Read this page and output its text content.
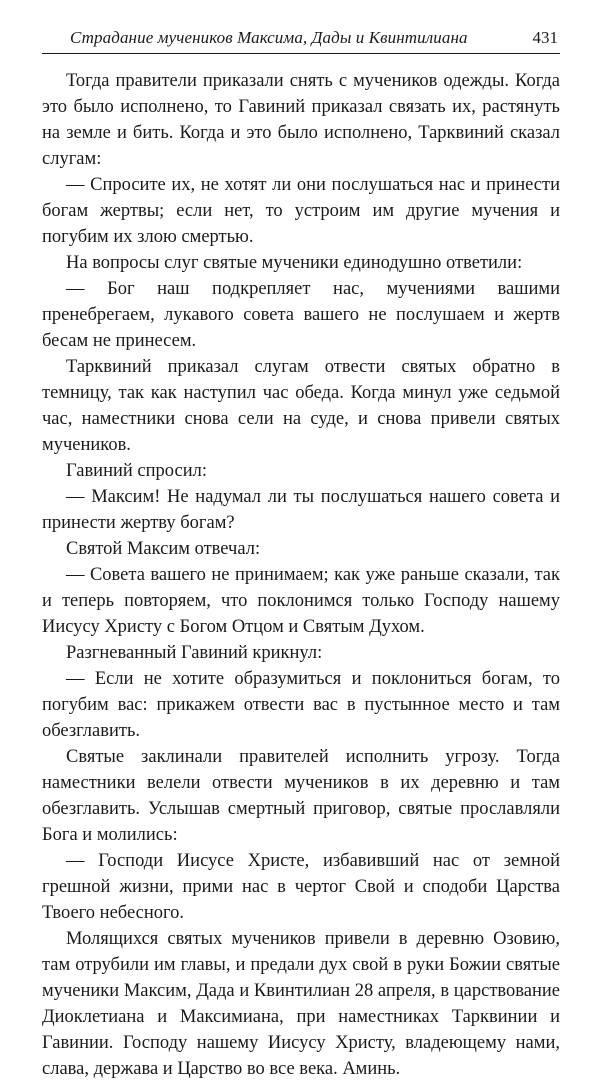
Страдание мучеников Максима, Дады и Квинтилиана	431

Тогда правители приказали снять с мучеников одежды. Когда это было исполнено, то Гавиний приказал связать их, растянуть на земле и бить. Когда и это было исполнено, Тарквиний сказал слугам:

— Спросите их, не хотят ли они послушаться нас и принести богам жертвы; если нет, то устроим им другие мучения и погубим их злою смертью.

На вопросы слуг святые мученики единодушно ответили:

— Бог наш подкрепляет нас, мучениями вашими пренебрегаем, лукавого совета вашего не послушаем и жертв бесам не принесем.

Тарквиний приказал слугам отвести святых обратно в темницу, так как наступил час обеда. Когда минул уже седьмой час, наместники снова сели на суде, и снова привели святых мучеников.

Гавиний спросил:

— Максим! Не надумал ли ты послушаться нашего совета и принести жертву богам?

Святой Максим отвечал:

— Совета вашего не принимаем; как уже раньше сказали, так и теперь повторяем, что поклонимся только Господу нашему Иисусу Христу с Богом Отцом и Святым Духом.

Разгневанный Гавиний крикнул:

— Если не хотите образумиться и поклониться богам, то погубим вас: прикажем отвести вас в пустынное место и там обезглавить.

Святые заклинали правителей исполнить угрозу. Тогда наместники велели отвести мучеников в их деревню и там обезглавить. Услышав смертный приговор, святые прославляли Бога и молились:

— Господи Иисусе Христе, избавивший нас от земной грешной жизни, прими нас в чертог Свой и сподоби Царства Твоего небесного.

Молящихся святых мучеников привели в деревню Озовию, там отрубили им главы, и предали дух свой в руки Божии святые мученики Максим, Дада и Квинтилиан 28 апреля, в царствование Диоклетиана и Максимиана, при наместниках Тарквинии и Гавинии. Господу нашему Иисусу Христу, владеющему нами, слава, держава и Царство во все века. Аминь.
